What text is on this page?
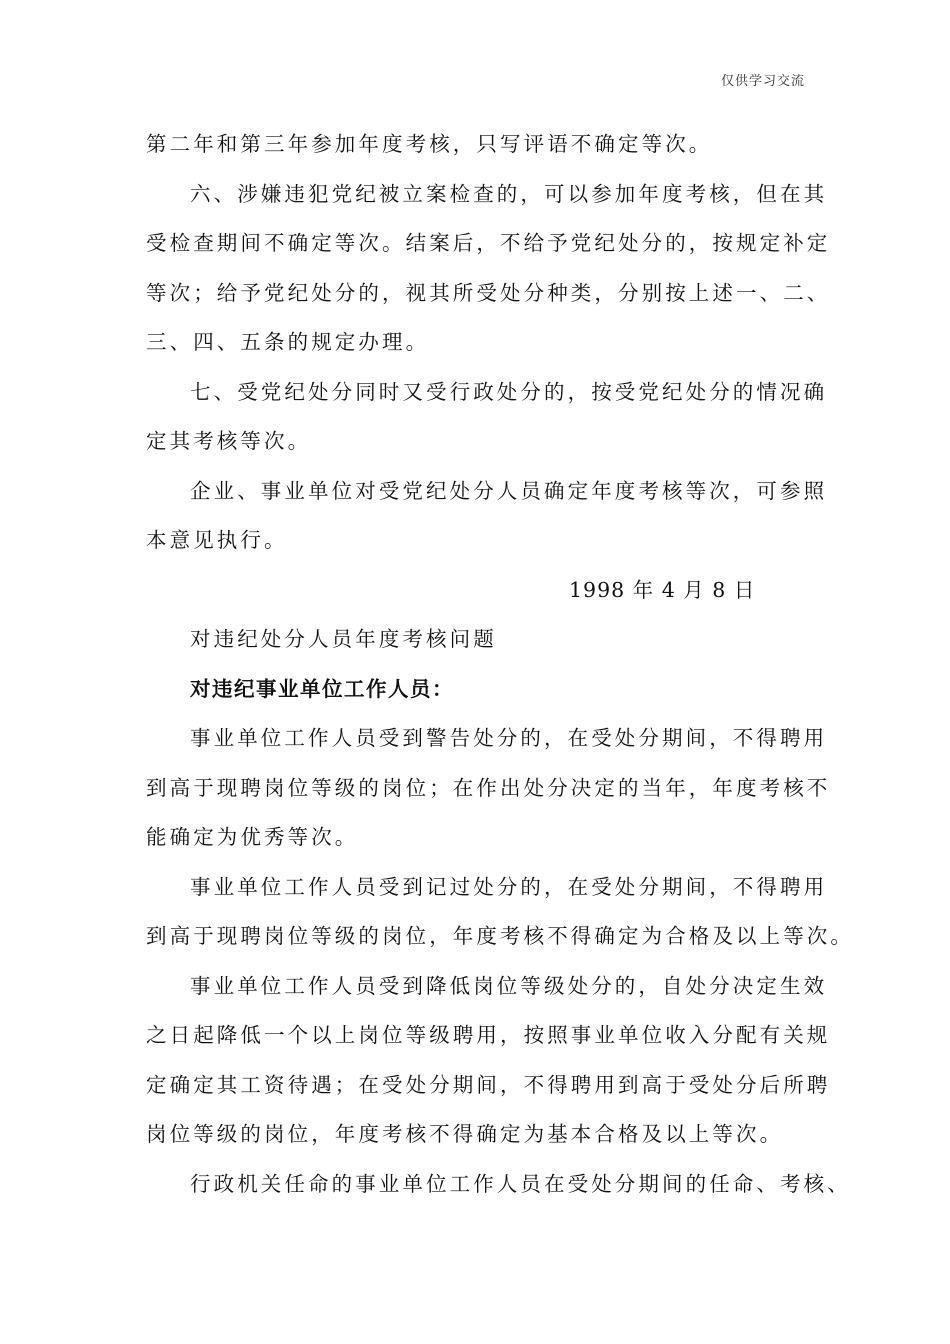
仅供学习交流
第二年和第三年参加年度考核，只写评语不确定等次。
六、涉嫌违犯党纪被立案检查的，可以参加年度考核，但在其
受检查期间不确定等次。结案后，不给予党纪处分的，按规定补定
等次；给予党纪处分的，视其所受处分种类，分别按上述一、二、
三、四、五条的规定办理。
七、受党纪处分同时又受行政处分的，按受党纪处分的情况确
定其考核等次。
企业、事业单位对受党纪处分人员确定年度考核等次，可参照
本意见执行。
1998 年 4 月 8 日
对违纪处分人员年度考核问题
对违纪事业单位工作人员：
事业单位工作人员受到警告处分的，在受处分期间，不得聘用
到高于现聘岗位等级的岗位；在作出处分决定的当年，年度考核不
能确定为优秀等次。
事业单位工作人员受到记过处分的，在受处分期间，不得聘用
到高于现聘岗位等级的岗位，年度考核不得确定为合格及以上等次。
事业单位工作人员受到降低岗位等级处分的，自处分决定生效
之日起降低一个以上岗位等级聘用，按照事业单位收入分配有关规
定确定其工资待遇；在受处分期间，不得聘用到高于受处分后所聘
岗位等级的岗位，年度考核不得确定为基本合格及以上等次。
行政机关任命的事业单位工作人员在受处分期间的任命、考核、
